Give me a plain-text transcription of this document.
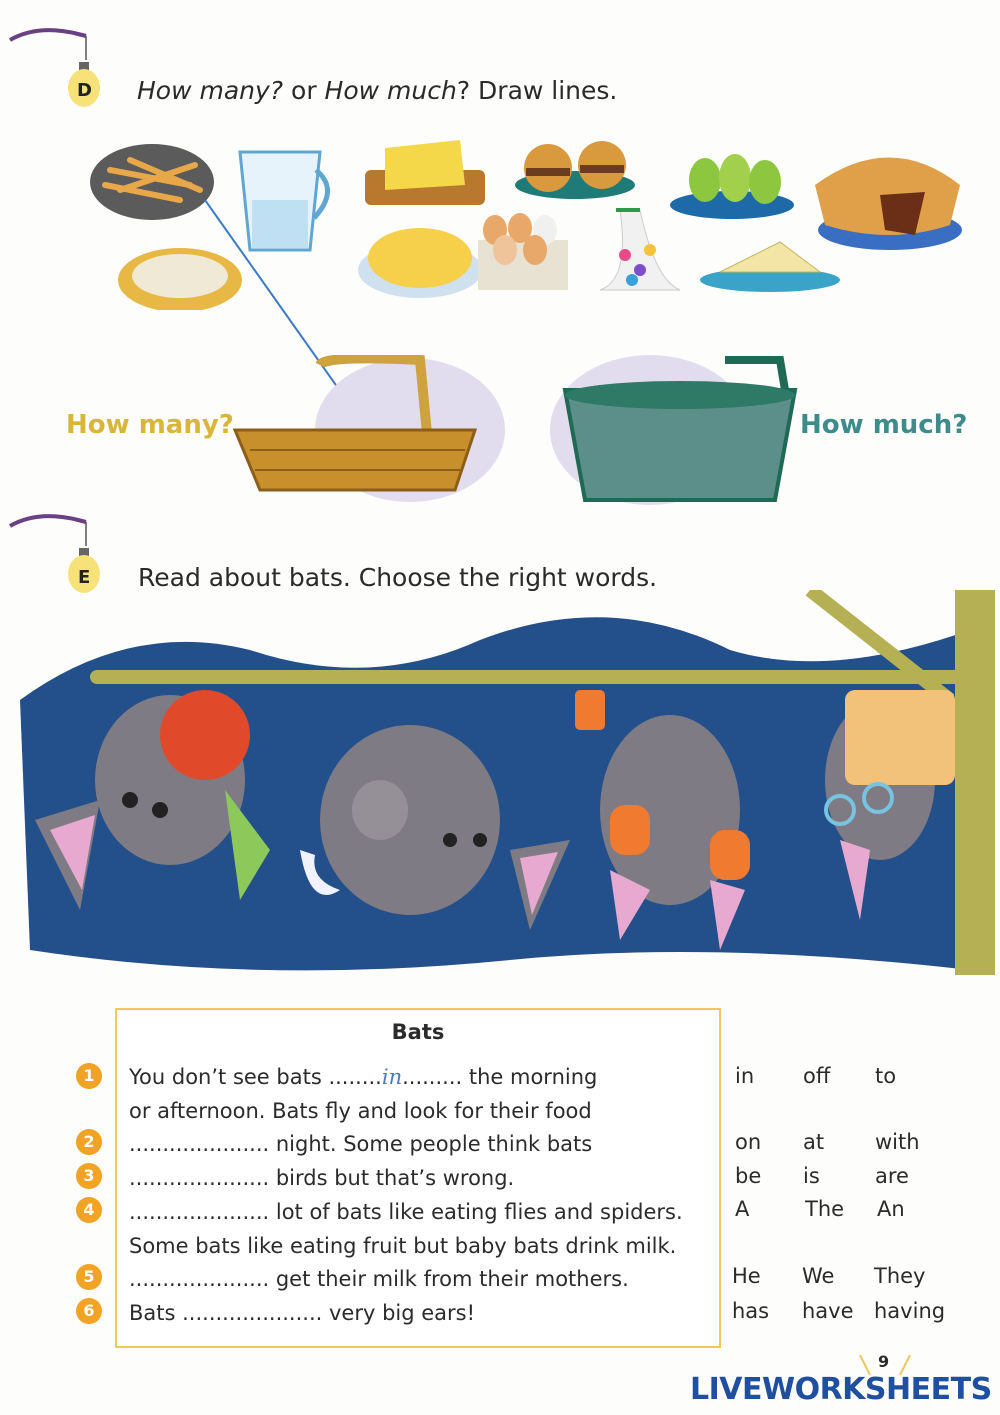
D How many? or How much? Draw lines.
How many?	How much?
E Read about bats. Choose the right words.
Bats
You don’t see bats ........in......... the morning
or afternoon. Bats fly and look for their food
..................... night. Some people think bats
..................... birds but that’s wrong.
..................... lot of bats like eating flies and spiders.
Some bats like eating fruit but baby bats drink milk.
..................... get their milk from their mothers.
Bats ..................... very big ears!
1
2
3
4
5
6
in off to
on at with
be is	are
A	The An
He We They
has have having
9
LIVEWORKSHEETS
